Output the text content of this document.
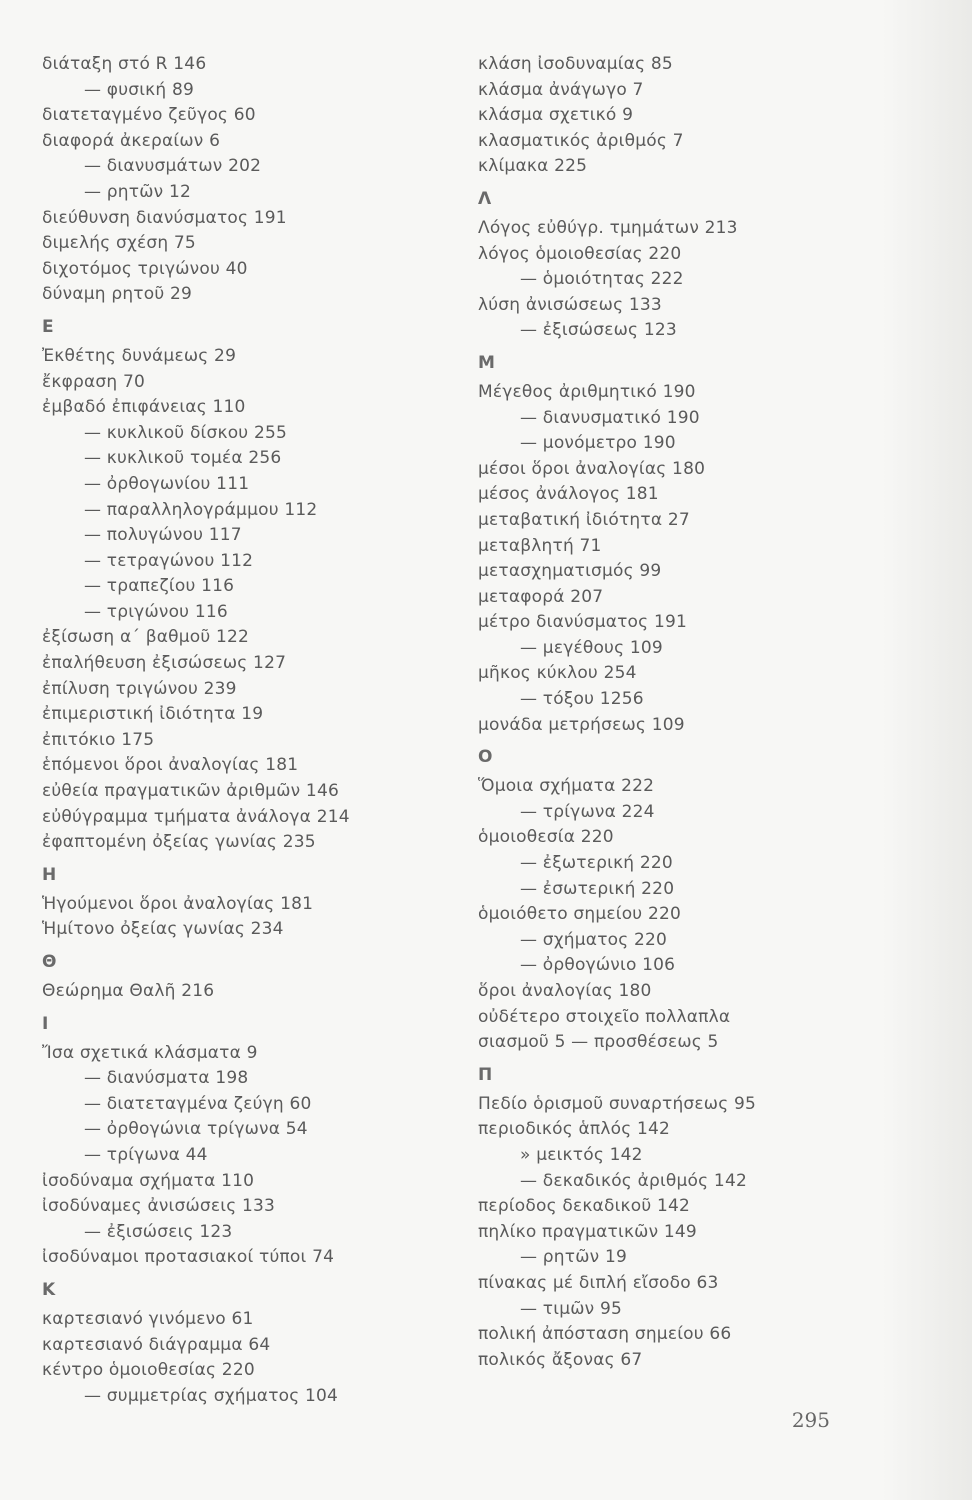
διάταξη στό R 146
— φυσική 89
διατεταγμένο ζεῦγος 60
διαφορά ἀκεραίων 6
— διανυσμάτων 202
— ρητῶν 12
διεύθυνση διανύσματος 191
διμελής σχέση 75
διχοτόμος τριγώνου 40
δύναμη ρητοῦ 29
Ε
Ἐκθέτης δυνάμεως 29
ἔκφραση 70
ἐμβαδό ἐπιφάνειας 110
— κυκλικοῦ δίσκου 255
— κυκλικοῦ τομέα 256
— ὀρθογωνίου 111
— παραλληλογράμμου 112
— πολυγώνου 117
— τετραγώνου 112
— τραπεζίου 116
— τριγώνου 116
ἐξίσωση α΄ βαθμοῦ 122
ἐπαλήθευση ἐξισώσεως 127
ἐπίλυση τριγώνου 239
ἐπιμεριστική ἰδιότητα 19
ἐπιτόκιο 175
ἑπόμενοι ὅροι ἀναλογίας 181
εὐθεία πραγματικῶν ἀριθμῶν 146
εὐθύγραμμα τμήματα ἀνάλογα 214
ἐφαπτομένη ὀξείας γωνίας 235
Η
Ἡγούμενοι ὅροι ἀναλογίας 181
Ἡμίτονο ὀξείας γωνίας 234
Θ
Θεώρημα Θαλῆ 216
Ι
Ἴσα σχετικά κλάσματα 9
— διανύσματα 198
— διατεταγμένα ζεύγη 60
— ὀρθογώνια τρίγωνα 54
— τρίγωνα 44
ἰσοδύναμα σχήματα 110
ἰσοδύναμες ἀνισώσεις 133
— ἐξισώσεις 123
ἰσοδύναμοι προτασιακοί τύποι 74
Κ
καρτεσιανό γινόμενο 61
καρτεσιανό διάγραμμα 64
κέντρο ὁμοιοθεσίας 220
— συμμετρίας σχήματος 104
κλάση ἰσοδυναμίας 85
κλάσμα ἀνάγωγο 7
κλάσμα σχετικό 9
κλασματικός ἀριθμός 7
κλίμακα 225
Λ
Λόγος εὐθύγρ. τμημάτων 213
λόγος ὁμοιοθεσίας 220
— ὁμοιότητας 222
λύση ἀνισώσεως 133
— ἐξισώσεως 123
Μ
Μέγεθος ἀριθμητικό 190
— διανυσματικό 190
— μονόμετρο 190
μέσοι ὅροι ἀναλογίας 180
μέσος ἀνάλογος 181
μεταβατική ἰδιότητα 27
μεταβλητή 71
μετασχηματισμός 99
μεταφορά 207
μέτρο διανύσματος 191
— μεγέθους 109
μῆκος κύκλου 254
— τόξου 1256
μονάδα μετρήσεως 109
Ο
Ὅμοια σχήματα 222
— τρίγωνα 224
ὁμοιοθεσία 220
— ἐξωτερική 220
— ἐσωτερική 220
ὁμοιόθετο σημείου 220
— σχήματος 220
— ὀρθογώνιο 106
ὅροι ἀναλογίας 180
οὐδέτερο στοιχεῖο πολλαπλα
σιασμοῦ 5 — προσθέσεως 5
Π
Πεδίο ὁρισμοῦ συναρτήσεως 95
περιοδικός ἁπλός 142
» μεικτός 142
— δεκαδικός ἀριθμός 142
περίοδος δεκαδικοῦ 142
πηλίκο πραγματικῶν 149
— ρητῶν 19
πίνακας μέ διπλή εἴσοδο 63
— τιμῶν 95
πολική ἀπόσταση σημείου 66
πολικός ἄξονας 67
295
